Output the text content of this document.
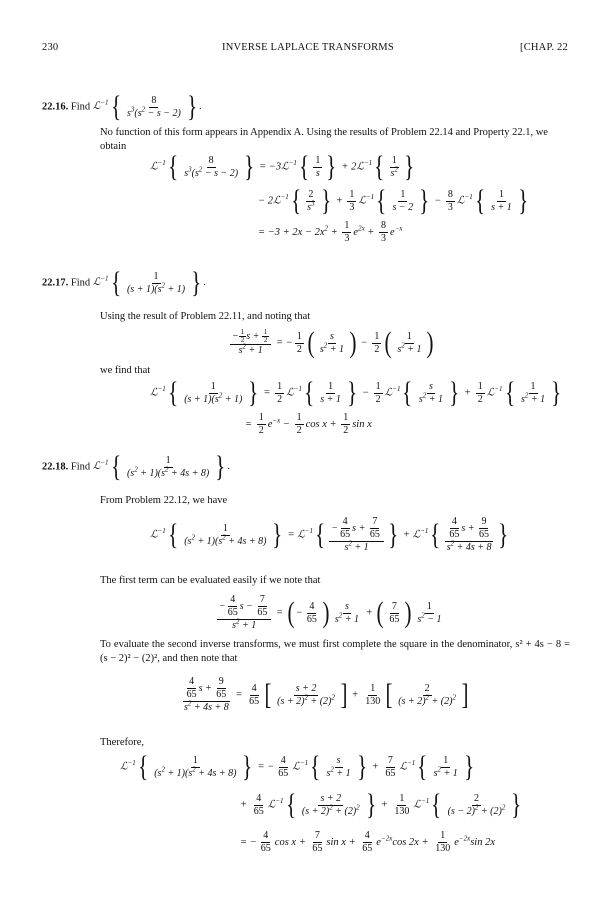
230	INVERSE LAPLACE TRANSFORMS	[CHAP. 22
22.16. Find ℒ$^{-1}${ $\frac{8}{s^3(s^2 - s - 2)}$ } .
No function of this form appears in Appendix A. Using the results of Problem 22.14 and Property 22.1, we obtain
ℒ$^{-1}${ $\frac{8}{s^3(s^2 - s - 2)}$ } = −3ℒ$^{-1}${ $\frac{1}{s}$ } + 2ℒ$^{-1}${ $\frac{1}{s^2}$ }
− 2ℒ$^{-1}${ $\frac{2}{s^3}$ } + $\frac{1}{3}$ ℒ$^{-1}${ $\frac{1}{s - 2}$ } − $\frac{8}{3}$ ℒ$^{-1}${ $\frac{1}{s + 1}$ }
= $-3 + 2x - 2x^2 + \frac{1}{3} e^{2x} + \frac{8}{3} e^{-x}$
22.17. Find ℒ$^{-1}${ $\frac{1}{(s + 1)(s^2 + 1)}$ } .
Using the result of Problem 22.11, and noting that
$\frac{- \frac{1}{2} s + \frac{1}{2}}{s^2 + 1}$ = − $\frac{1}{2}$ ( $\frac{s}{s^2 + 1}$ ) − $\frac{1}{2}$ ( $\frac{1}{s^2 + 1}$ )
we find that
ℒ$^{-1}${ $\frac{1}{(s + 1)(s^2 + 1)}$ } = $\frac{1}{2}$ ℒ$^{-1}${ $\frac{1}{s + 1}$ } − $\frac{1}{2}$ ℒ$^{-1}${ $\frac{s}{s^2 + 1}$ } + $\frac{1}{2}$ ℒ$^{-1}${ $\frac{1}{s^2 + 1}$ }
= $\frac{1}{2} e^{-x} - \frac{1}{2}$ $\cos x + \frac{1}{2}$ sin x
22.18. Find ℒ$^{-1}${ $\frac{1}{(s^2 + 1)(s^2 + 4s + 8)}$ } .
From Problem 22.12, we have
ℒ$^{-1}${ $\frac{1}{(s^2 + 1)(s^2 + 4s + 8)}$ } = ℒ$^{-1}${ $\frac{- \frac{4}{65} s + \frac{7}{65}}{s^2 + 1}$ } + ℒ$^{-1}${ $\frac{\frac{4}{65} s + \frac{9}{65}}{s^2 + 4s + 8}$ }
The first term can be evaluated easily if we note that
$\frac{- \frac{4}{65} s - \frac{7}{65}}{s^2 + 1}$ = ( − $\frac{4}{65}$ ) $\frac{s}{s^2 + 1}$ + ( $\frac{7}{65}$ ) $\frac{1}{s^2 - 1}$
To evaluate the second inverse transforms, we must first complete the square in the denominator, s² + 4s − 8 = (s − 2)² − (2)², and then note that
$\frac{\frac{4}{65} s + \frac{9}{65}}{s^2 + 4s + 8} = \frac{4}{65}$ [ $\frac{s + 2}{(s + 2)^2 + (2)^2}$ ] + $\frac{1}{130}$ [ $\frac{2}{(s + 2)^2 + (2)^2}$ ]
Therefore,
ℒ$^{-1}${ $\frac{1}{(s^2 + 1)(s^2 + 4s + 8)}$ } = − $\frac{4}{65}$ ℒ$^{-1}${ $\frac{s}{s^2 + 1}$ } + $\frac{7}{65}$ ℒ$^{-1}${ $\frac{1}{s^2 + 1}$ }
+ $\frac{4}{65}$ ℒ$^{-1}${ $\frac{s + 2}{(s + 2)^2 + (2)^2}$ } + $\frac{1}{130}$ ℒ$^{-1}${ $\frac{2}{(s - 2)^2 + (2)^2}$ }
= − $\frac{4}{65}$ $\cos x + \frac{7}{65}$ $\sin x + \frac{4}{65} e^{-2x}\cos$ $2x + \frac{1}{130} e^{-2x}\sin$ 2x
